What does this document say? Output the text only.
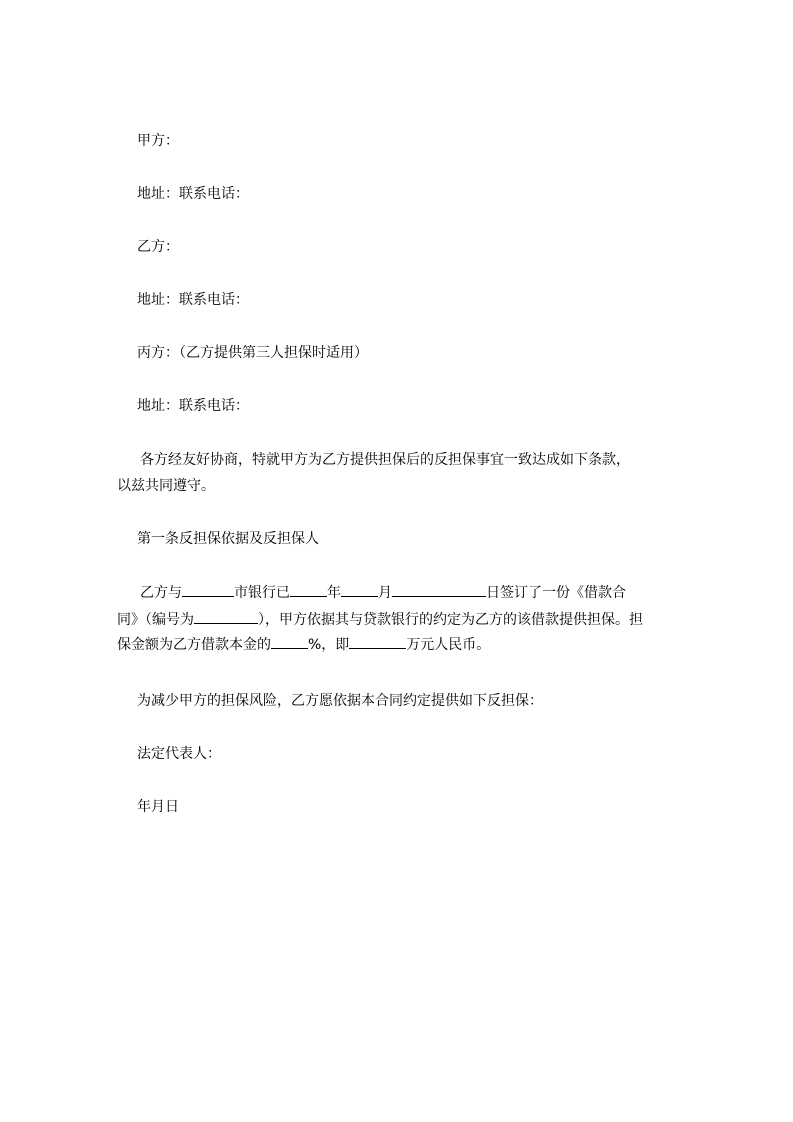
甲方：
地址：联系电话：
乙方：
地址：联系电话：
丙方：（乙方提供第三人担保时适用）
地址：联系电话：
各方经友好协商，特就甲方为乙方提供担保后的反担保事宜一致达成如下条款，
以兹共同遵守。
第一条反担保依据及反担保人
乙方与	市银行已	年	月	日签订了一份《借款合
同》（编号为	），甲方依据其与贷款银行的约定为乙方的该借款提供担保。担
保金额为乙方借款本金的	%，即	万元人民币。
为减少甲方的担保风险，乙方愿依据本合同约定提供如下反担保：
法定代表人：
年月日
